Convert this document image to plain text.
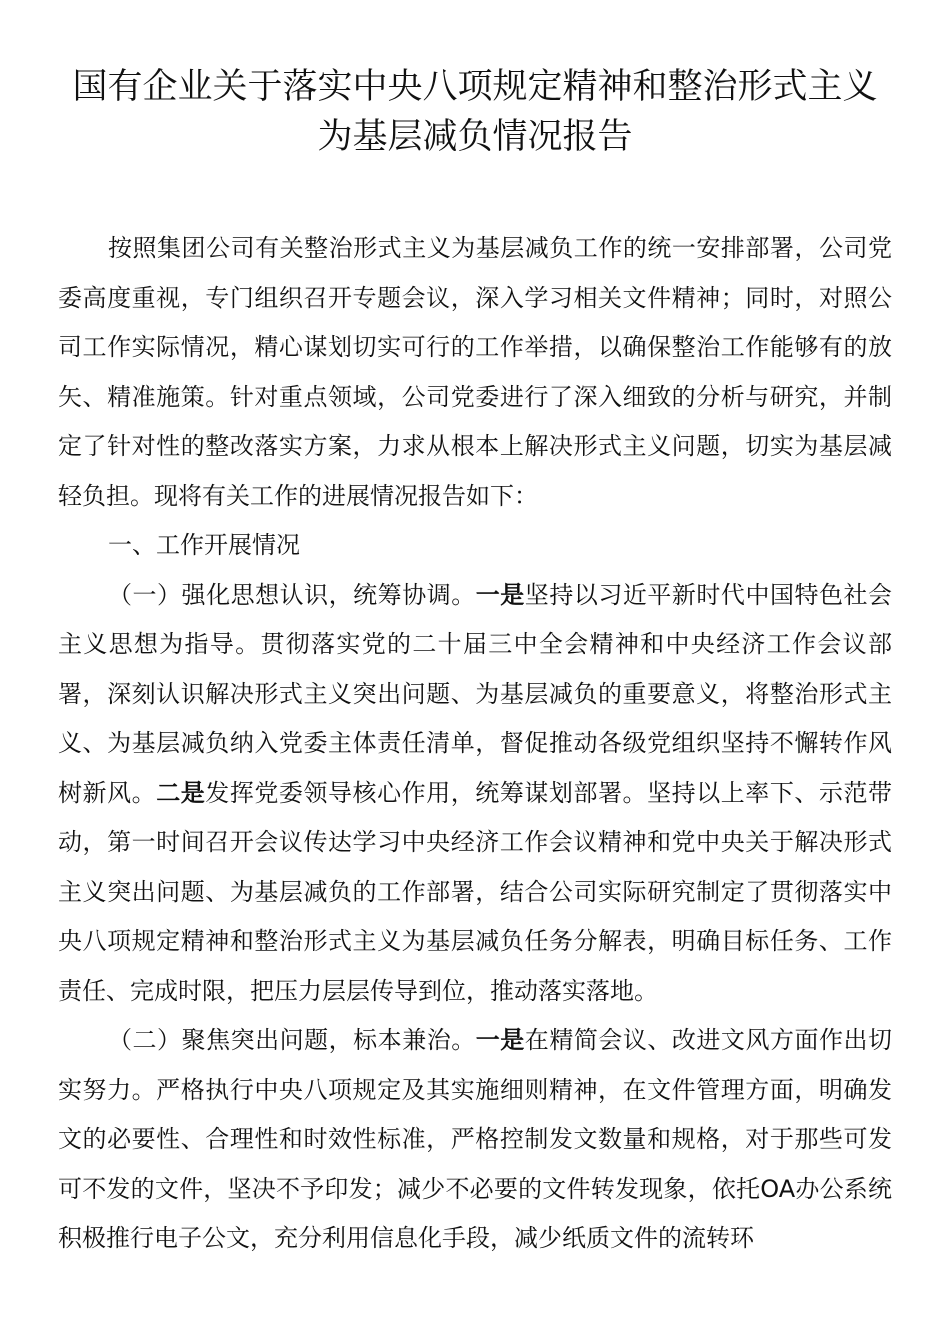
国有企业关于落实中央八项规定精神和整治形式主义
为基层减负情况报告

按照集团公司有关整治形式主义为基层减负工作的统一安排部署，公司党委高度重视，专门组织召开专题会议，深入学习相关文件精神；同时，对照公司工作实际情况，精心谋划切实可行的工作举措，以确保整治工作能够有的放矢、精准施策。针对重点领域，公司党委进行了深入细致的分析与研究，并制定了针对性的整改落实方案，力求从根本上解决形式主义问题，切实为基层减轻负担。现将有关工作的进展情况报告如下：

一、工作开展情况

（一）强化思想认识，统筹协调。一是坚持以习近平新时代中国特色社会主义思想为指导。贯彻落实党的二十届三中全会精神和中央经济工作会议部署，深刻认识解决形式主义突出问题、为基层减负的重要意义，将整治形式主义、为基层减负纳入党委主体责任清单，督促推动各级党组织坚持不懈转作风树新风。二是发挥党委领导核心作用，统筹谋划部署。坚持以上率下、示范带动，第一时间召开会议传达学习中央经济工作会议精神和党中央关于解决形式主义突出问题、为基层减负的工作部署，结合公司实际研究制定了贯彻落实中央八项规定精神和整治形式主义为基层减负任务分解表，明确目标任务、工作责任、完成时限，把压力层层传导到位，推动落实落地。

（二）聚焦突出问题，标本兼治。一是在精简会议、改进文风方面作出切实努力。严格执行中央八项规定及其实施细则精神，在文件管理方面，明确发文的必要性、合理性和时效性标准，严格控制发文数量和规格，对于那些可发可不发的文件，坚决不予印发；减少不必要的文件转发现象，依托OA办公系统积极推行电子公文，充分利用信息化手段，减少纸质文件的流转环
